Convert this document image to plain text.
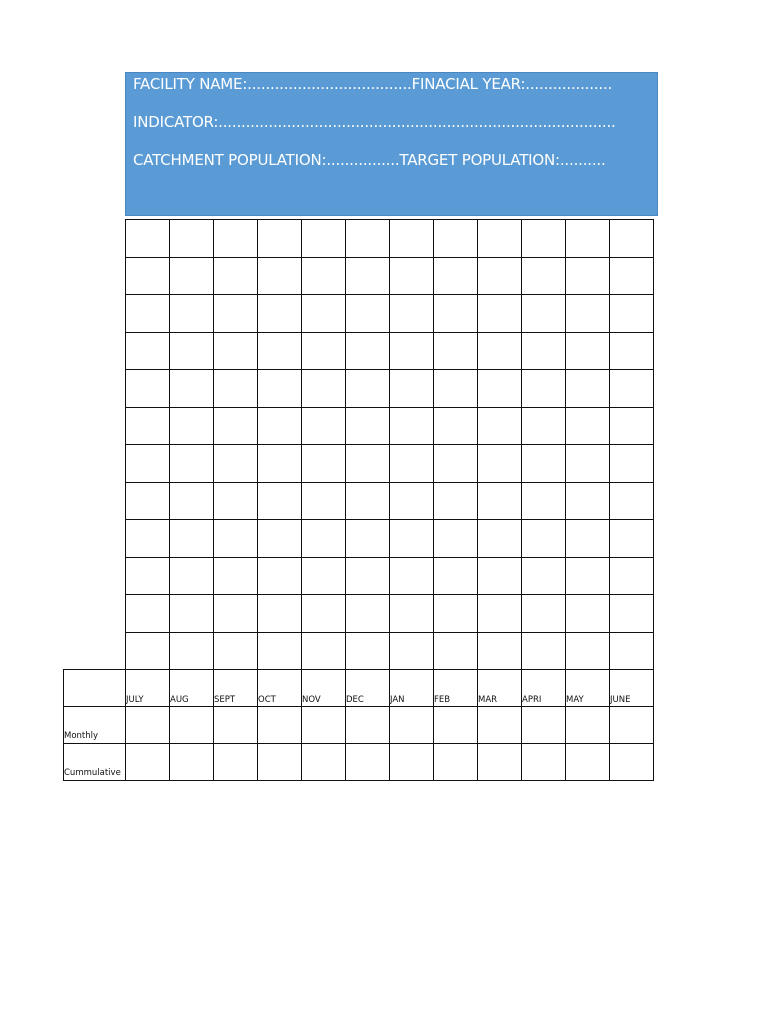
FACILITY NAME:....................................FINACIAL YEAR:...................
INDICATOR:.......................................................................................
CATCHMENT POPULATION:................TARGET POPULATION:..........

	JULY	AUG	SEPT	OCT	NOV	DEC	JAN	FEB	MAR	APRI	MAY	JUNE

Monthly												

Cummulative												
